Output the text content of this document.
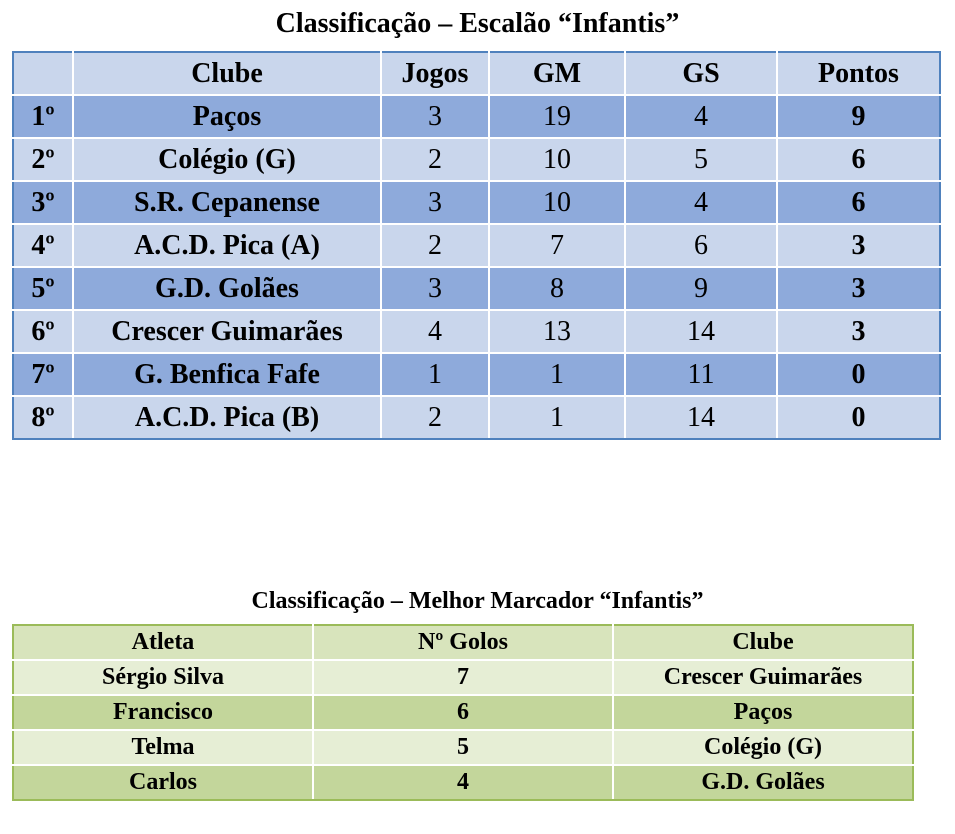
Classificação – Escalão “Infantis”
	Clube	Jogos	GM	GS	Pontos
1º	Paços	3	19	4	9
2º	Colégio (G)	2	10	5	6
3º	S.R. Cepanense	3	10	4	6
4º	A.C.D. Pica (A)	2	7	6	3
5º	G.D. Golães	3	8	9	3
6º	Crescer Guimarães	4	13	14	3
7º	G. Benfica Fafe	1	1	11	0
8º	A.C.D. Pica (B)	2	1	14	0
Classificação – Melhor Marcador “Infantis”
Atleta	Nº Golos	Clube
Sérgio Silva	7	Crescer Guimarães
Francisco	6	Paços
Telma	5	Colégio (G)
Carlos	4	G.D. Golães
